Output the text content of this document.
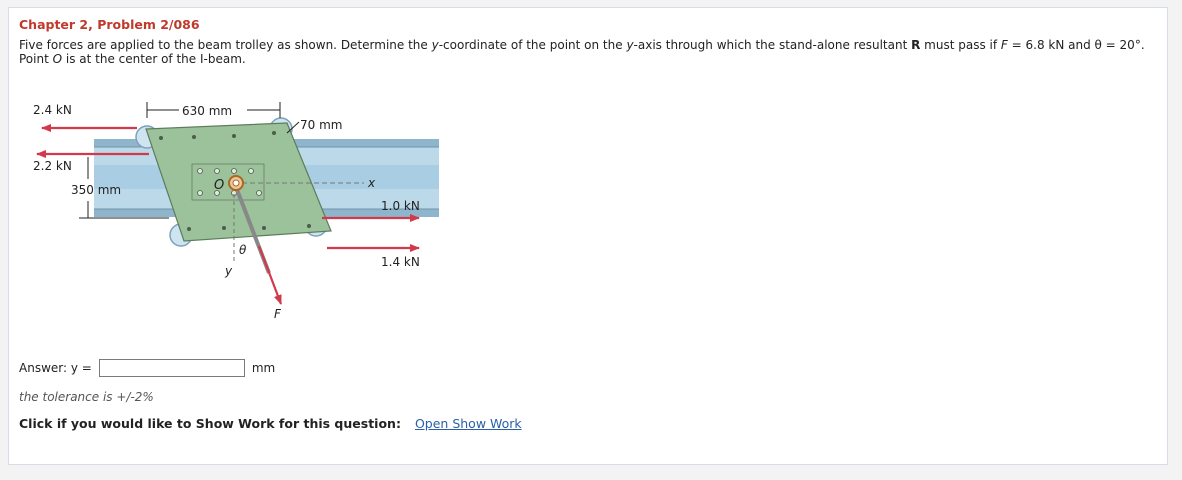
Chapter 2, Problem 2/086
Five forces are applied to the beam trolley as shown. Determine the y-coordinate of the point on the y-axis through which the stand-alone resultant R must pass if F = 6.8 kN and θ = 20°.
Point O is at the center of the I-beam.
x
y
O
θ
F
2.4 kN
2.2 kN
1.0 kN
1.4 kN
630 mm
70 mm
350 mm
Answer: y =	mm
the tolerance is +/-2%
Click if you would like to Show Work for this question: Open Show Work
